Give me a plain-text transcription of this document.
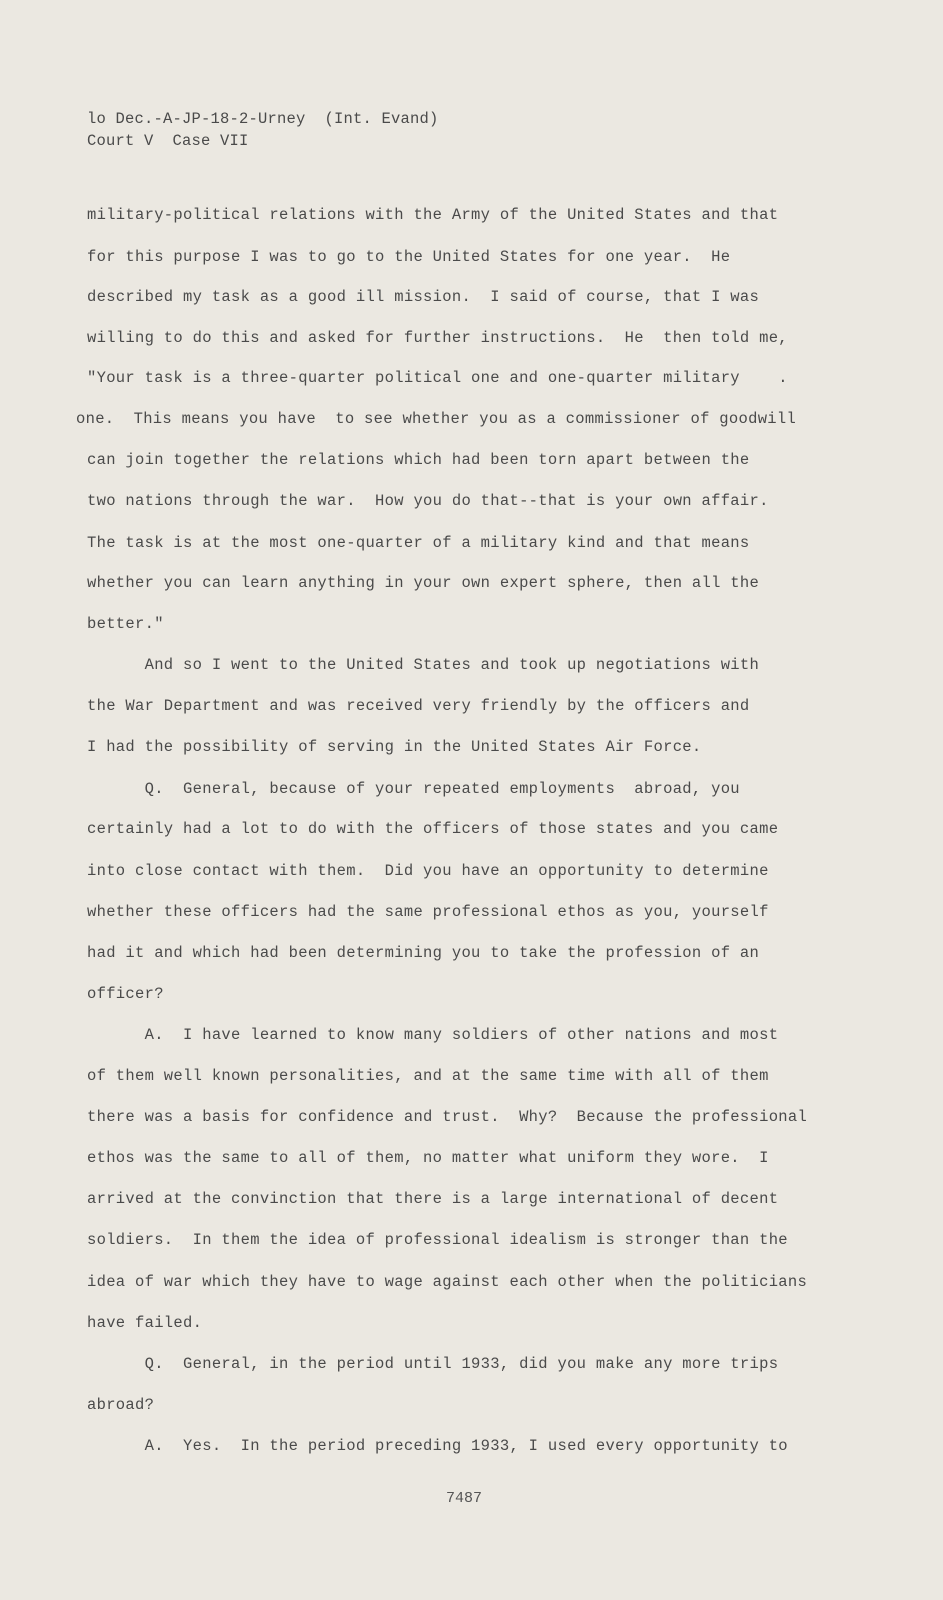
lo Dec.-A-JP-18-2-Urney  (Int. Evand)
Court V  Case VII
military-political relations with the Army of the United States and that
for this purpose I was to go to the United States for one year.  He
described my task as a good ill mission.  I said of course, that I was
willing to do this and asked for further instructions.  He  then told me,
"Your task is a three-quarter political one and one-quarter military    .
one.  This means you have  to see whether you as a commissioner of goodwill
can join together the relations which had been torn apart between the
two nations through the war.  How you do that--that is your own affair.
The task is at the most one-quarter of a military kind and that means
whether you can learn anything in your own expert sphere, then all the
better."
And so I went to the United States and took up negotiations with
the War Department and was received very friendly by the officers and
I had the possibility of serving in the United States Air Force.
Q.  General, because of your repeated employments  abroad, you
certainly had a lot to do with the officers of those states and you came
into close contact with them.  Did you have an opportunity to determine
whether these officers had the same professional ethos as you, yourself
had it and which had been determining you to take the profession of an
officer?
A.  I have learned to know many soldiers of other nations and most
of them well known personalities, and at the same time with all of them
there was a basis for confidence and trust.  Why?  Because the professional
ethos was the same to all of them, no matter what uniform they wore.  I
arrived at the convinction that there is a large international of decent
soldiers.  In them the idea of professional idealism is stronger than the
idea of war which they have to wage against each other when the politicians
have failed.
Q.  General, in the period until 1933, did you make any more trips
abroad?
A.  Yes.  In the period preceding 1933, I used every opportunity to
7487
